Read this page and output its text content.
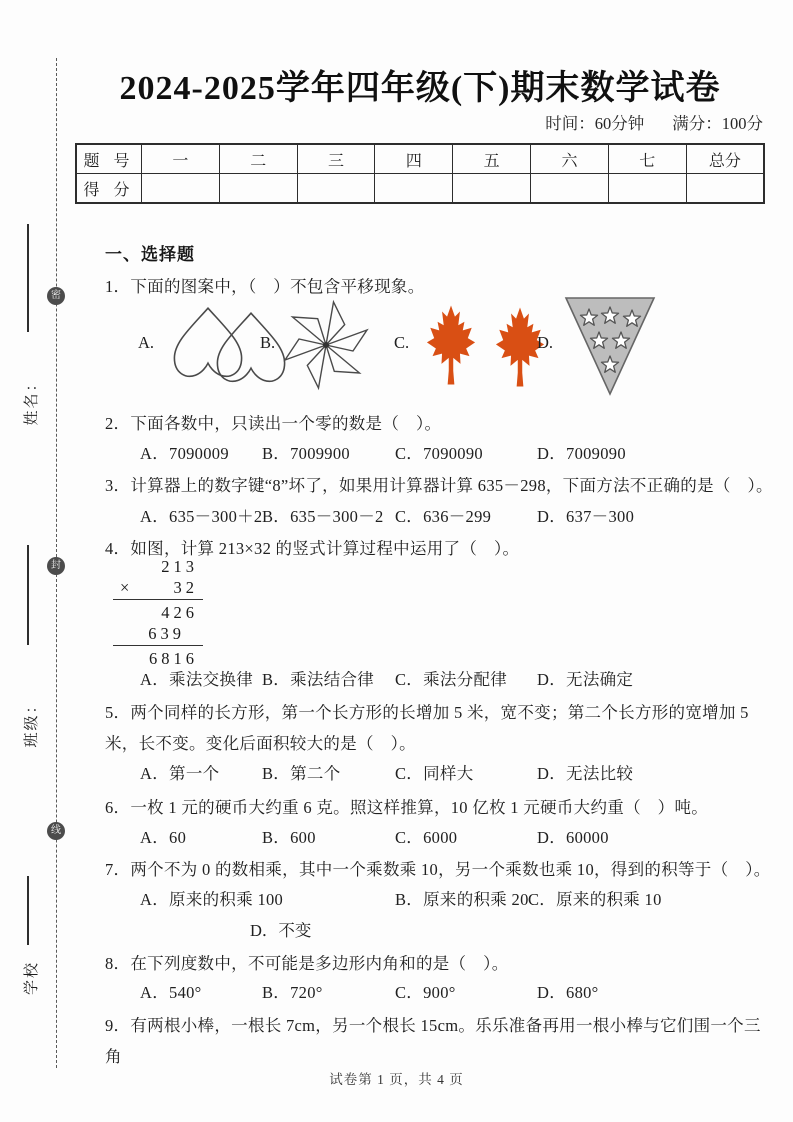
密
封
线
姓名：
班级：
学校
2024-2025学年四年级(下)期末数学试卷
时间：60分钟 满分：100分
题 号	一	二	三	四	五	六	七	总分
得 分								
一、选择题
1．下面的图案中，（　）不包含平移现象。
A.	B.	C.	D.
2．下面各数中，只读出一个零的数是（　）。
A．7090009	B．7009900	C．7090090	D．7009090
3．计算器上的数字键“8”坏了，如果用计算器计算 635－298，下面方法不正确的是（　）。
A．635－300＋2 B．635－300－2 C．636－299	D．637－300
4．如图，计算 213×32 的竖式计算过程中运用了（　）。
213
×	32
426
639
6816
A．乘法交换律 B．乘法结合律	C．乘法分配律	D．无法确定
5．两个同样的长方形，第一个长方形的长增加 5 米，宽不变；第二个长方形的宽增加 5 米，长不变。变化后面积较大的是（　）。
A．第一个	B．第二个	C．同样大	D．无法比较
6．一枚 1 元的硬币大约重 6 克。照这样推算，10 亿枚 1 元硬币大约重（　）吨。
A．60	B．600	C．6000	D．60000
7．两个不为 0 的数相乘，其中一个乘数乘 10，另一个乘数也乘 10，得到的积等于（　）。
A．原来的积乘 100	B．原来的积乘 20 C．原来的积乘 10
D．不变
8．在下列度数中，不可能是多边形内角和的是（　）。
A．540°	B．720°	C．900°	D．680°
9．有两根小棒，一根长 7cm，另一个根长 15cm。乐乐准备再用一根小棒与它们围一个三角
试卷第 1 页，共 4 页
